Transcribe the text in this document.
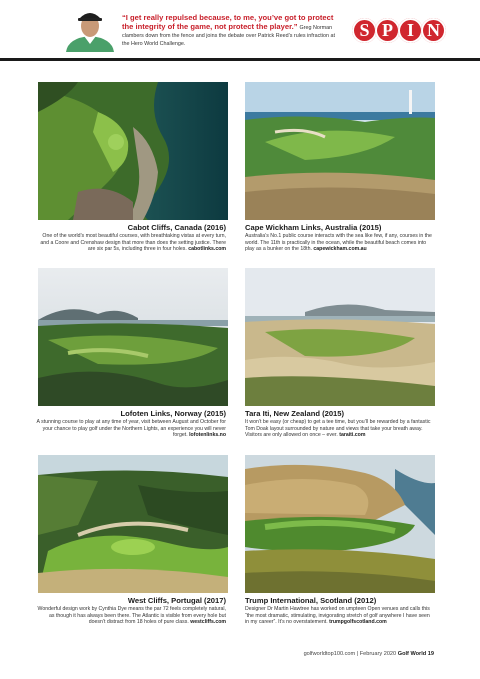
“I get really repulsed because, to me, you’ve got to protect the integrity of the game, not protect the player.” Greg Norman clambers down from the fence and joins the debate over Patrick Reed’s rules infraction at the Hero World Challenge.
S P I N
Cabot Cliffs, Canada (2016)
One of the world’s most beautiful courses, with breathtaking vistas at every turn, and a Coore and Crenshaw design that more than does the setting justice. There are six par 5s, including three in four holes. cabotlinks.com
Cape Wickham Links, Australia (2015)
Australia’s No.1 public course interacts with the sea like few, if any, courses in the world. The 11th is practically in the ocean, while the beautiful beach comes into play as a bunker on the 18th. capewickham.com.au
Lofoten Links, Norway (2015)
A stunning course to play at any time of year, visit between August and October for your chance to play golf under the Northern Lights, an experience you will never forget. lofotenlinks.no
Tara Iti, New Zealand (2015)
It won’t be easy (or cheap) to get a tee time, but you’ll be rewarded by a fantastic Tom Doak layout surrounded by nature and views that take your breath away. Visitors are only allowed on once – ever. taraiti.com
West Cliffs, Portugal (2017)
Wonderful design work by Cynthia Dye means the par 72 feels completely natural, as though it has always been there. The Atlantic is visible from every hole but doesn’t distract from 18 holes of pure class. westcliffs.com
Trump International, Scotland (2012)
Designer Dr Martin Hawtree has worked on umpteen Open venues and calls this “the most dramatic, stimulating, invigorating stretch of golf anywhere I have seen in my career”. It’s no overstatement. trumpgolfscotland.com
golfworldtop100.com | February 2020 Golf World 19
